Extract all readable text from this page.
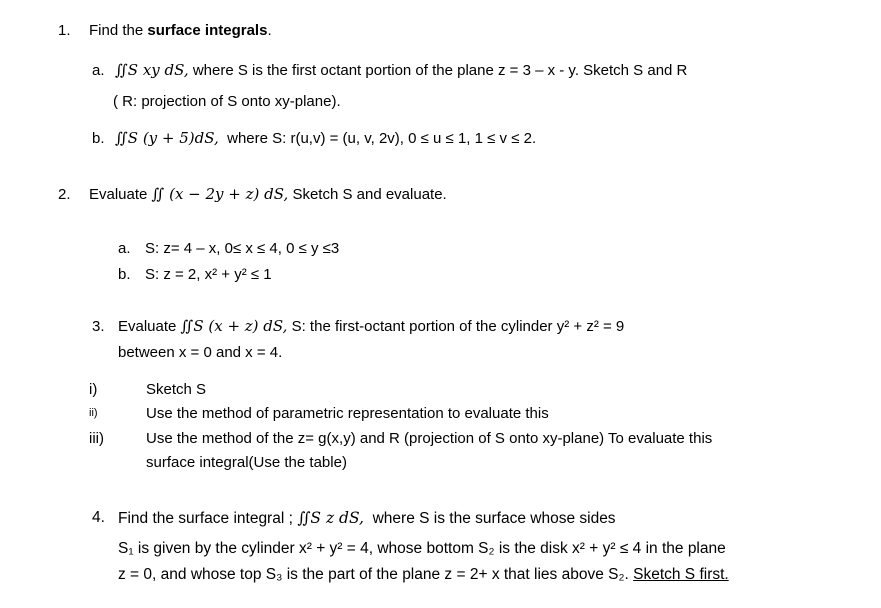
1. Find the surface integrals.
a. ∬S xy dS, where S is the first octant portion of the plane z = 3 – x - y. Sketch S and R
( R: projection of S onto xy-plane).
b. ∬S (y + 5)dS, where S: r(u,v) = (u, v, 2v), 0 ≤ u ≤ 1, 1 ≤ v ≤ 2.
2. Evaluate ∬ (x − 2y + z) dS, Sketch S and evaluate.
a. S: z= 4 – x, 0≤ x ≤ 4, 0 ≤ y ≤3
b. S: z = 2, x² + y² ≤ 1
3. Evaluate ∬S (x + z) dS, S: the first-octant portion of the cylinder y² + z² = 9
between x = 0 and x = 4.
i)	Sketch S
ii)	Use the method of parametric representation to evaluate this
iii)	Use the method of the z= g(x,y) and R (projection of S onto xy-plane) To evaluate this
surface integral(Use the table)
4. Find the surface integral ; ∬S z dS, where S is the surface whose sides
S₁ is given by the cylinder x² + y² = 4, whose bottom S₂ is the disk x² + y² ≤ 4 in the plane
z = 0, and whose top S₃ is the part of the plane z = 2+ x that lies above S₂. Sketch S first.
